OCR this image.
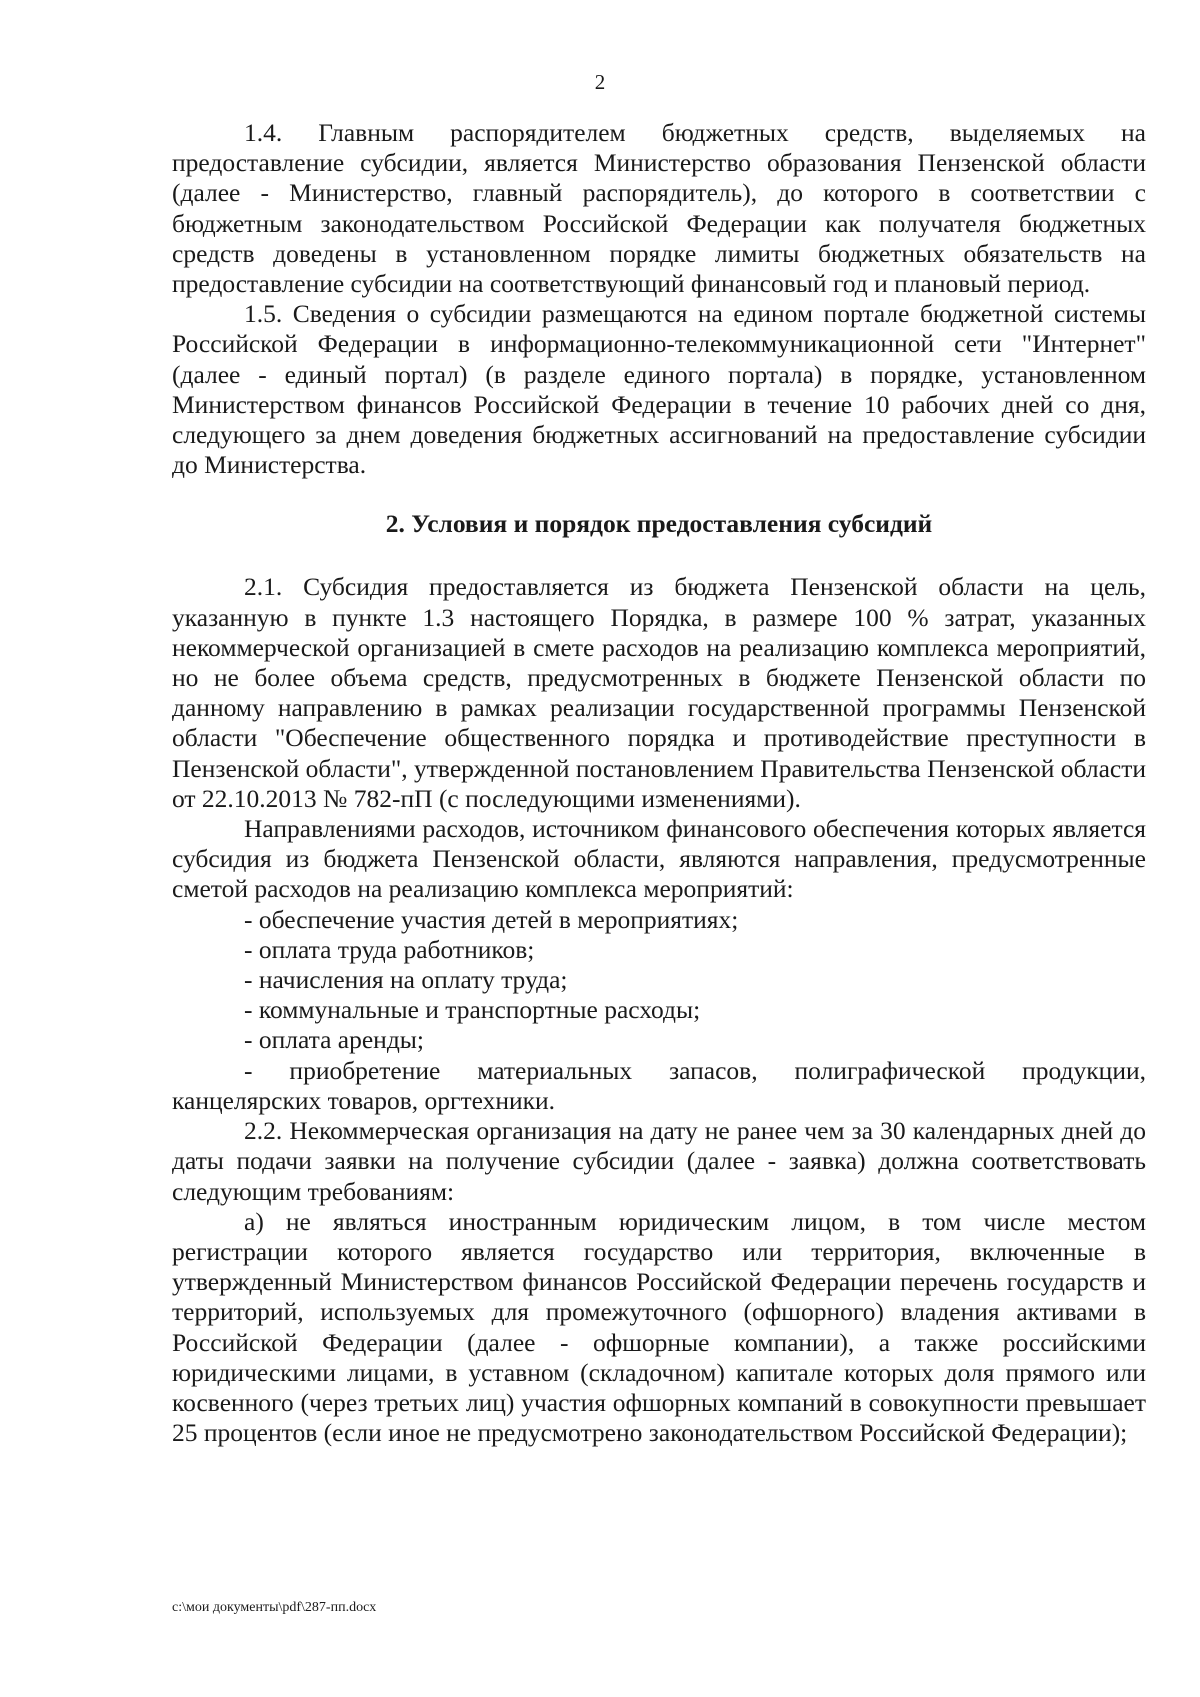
2

1.4. Главным распорядителем бюджетных средств, выделяемых на предоставление субсидии, является Министерство образования Пензенской области (далее - Министерство, главный распорядитель), до которого в соответствии с бюджетным законодательством Российской Федерации как получателя бюджетных средств доведены в установленном порядке лимиты бюджетных обязательств на предоставление субсидии на соответствующий финансовый год и плановый период.

1.5. Сведения о субсидии размещаются на едином портале бюджетной системы Российской Федерации в информационно-телекоммуникационной сети "Интернет" (далее - единый портал) (в разделе единого портала) в порядке, установленном Министерством финансов Российской Федерации в течение 10 рабочих дней со дня, следующего за днем доведения бюджетных ассигнований на предоставление субсидии до Министерства.

2. Условия и порядок предоставления субсидий

2.1. Субсидия предоставляется из бюджета Пензенской области на цель, указанную в пункте 1.3 настоящего Порядка, в размере 100 % затрат, указанных некоммерческой организацией в смете расходов на реализацию комплекса мероприятий, но не более объема средств, предусмотренных в бюджете Пензенской области по данному направлению в рамках реализации государственной программы Пензенской области "Обеспечение общественного порядка и противодействие преступности в Пензенской области", утвержденной постановлением Правительства Пензенской области от 22.10.2013 № 782-пП (с последующими изменениями).

Направлениями расходов, источником финансового обеспечения которых является субсидия из бюджета Пензенской области, являются направления, предусмотренные сметой расходов на реализацию комплекса мероприятий:

- обеспечение участия детей в мероприятиях;

- оплата труда работников;

- начисления на оплату труда;

- коммунальные и транспортные расходы;

- оплата аренды;

- приобретение материальных запасов, полиграфической продукции, канцелярских товаров, оргтехники.

2.2. Некоммерческая организация на дату не ранее чем за 30 календарных дней до даты подачи заявки на получение субсидии (далее - заявка) должна соответствовать следующим требованиям:

а) не являться иностранным юридическим лицом, в том числе местом регистрации которого является государство или территория, включенные в утвержденный Министерством финансов Российской Федерации перечень государств и территорий, используемых для промежуточного (офшорного) владения активами в Российской Федерации (далее - офшорные компании), а также российскими юридическими лицами, в уставном (складочном) капитале которых доля прямого или косвенного (через третьих лиц) участия офшорных компаний в совокупности превышает 25 процентов (если иное не предусмотрено законодательством Российской Федерации);

c:\мои документы\pdf\287-пп.docx
